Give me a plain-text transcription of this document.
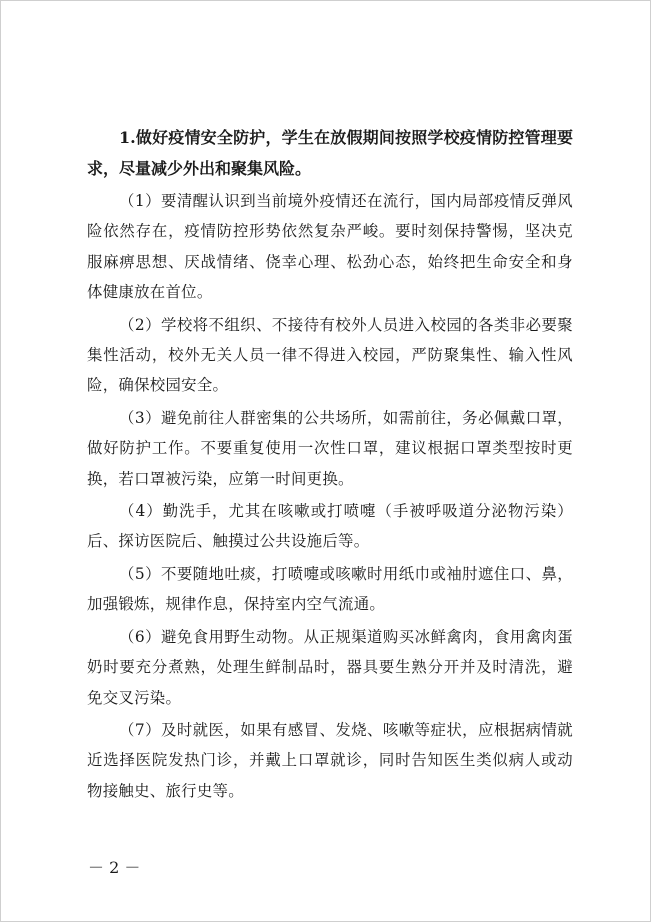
1.做好疫情安全防护，学生在放假期间按照学校疫情防控管理要求，尽量减少外出和聚集风险。

（1）要清醒认识到当前境外疫情还在流行，国内局部疫情反弹风险依然存在，疫情防控形势依然复杂严峻。要时刻保持警惕，坚决克服麻痹思想、厌战情绪、侥幸心理、松劲心态，始终把生命安全和身体健康放在首位。

（2）学校将不组织、不接待有校外人员进入校园的各类非必要聚集性活动，校外无关人员一律不得进入校园，严防聚集性、输入性风险，确保校园安全。

（3）避免前往人群密集的公共场所，如需前往，务必佩戴口罩，做好防护工作。不要重复使用一次性口罩，建议根据口罩类型按时更换，若口罩被污染，应第一时间更换。

（4）勤洗手，尤其在咳嗽或打喷嚏（手被呼吸道分泌物污染）后、探访医院后、触摸过公共设施后等。

（5）不要随地吐痰，打喷嚏或咳嗽时用纸巾或袖肘遮住口、鼻，加强锻炼，规律作息，保持室内空气流通。

（6）避免食用野生动物。从正规渠道购买冰鲜禽肉，食用禽肉蛋奶时要充分煮熟，处理生鲜制品时，器具要生熟分开并及时清洗，避免交叉污染。

（7）及时就医，如果有感冒、发烧、咳嗽等症状，应根据病情就近选择医院发热门诊，并戴上口罩就诊，同时告知医生类似病人或动物接触史、旅行史等。

－ 2 －
